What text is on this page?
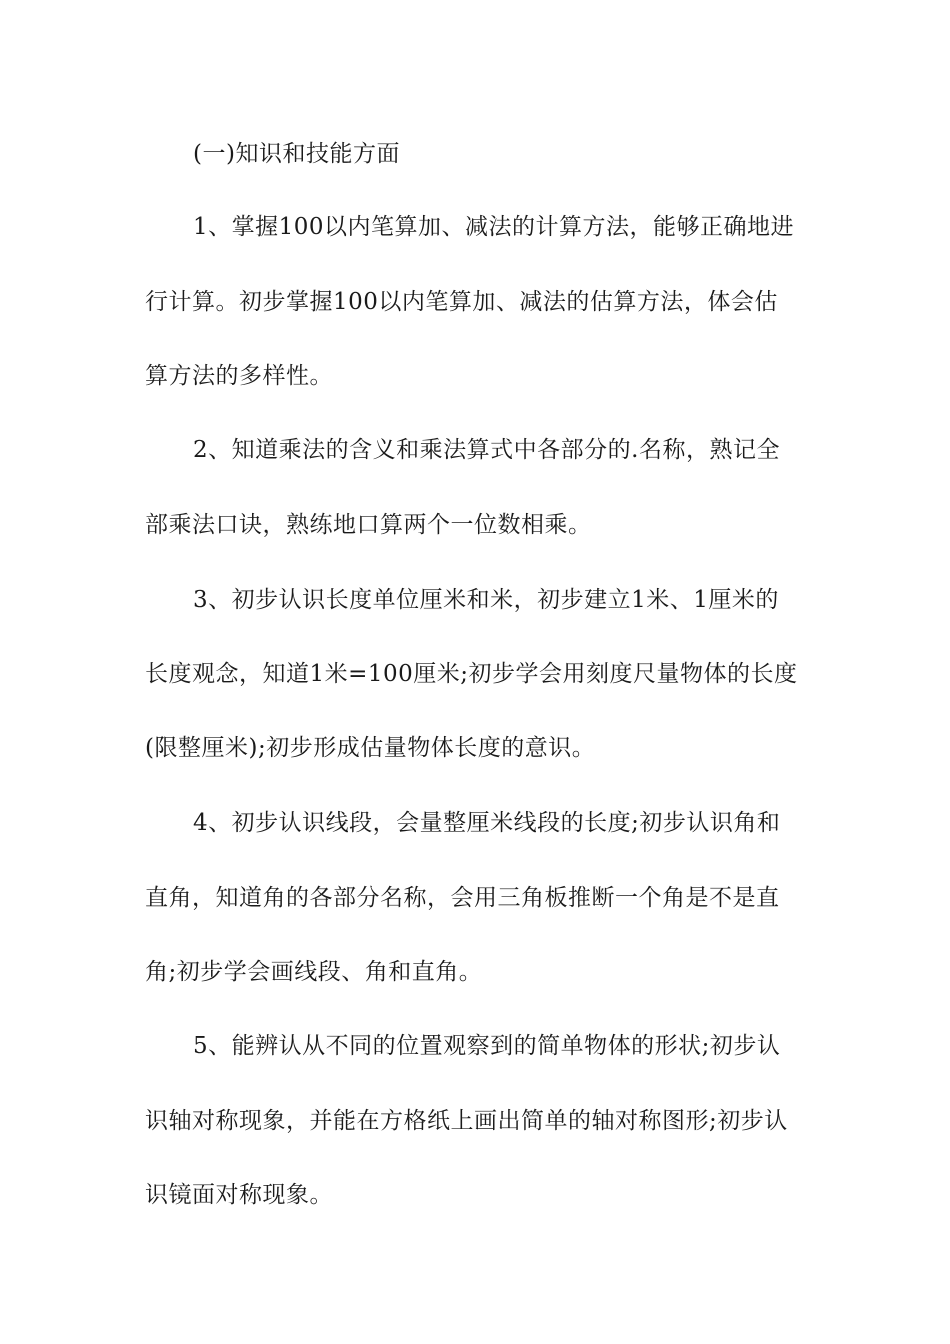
(一)知识和技能方面
1、掌握100以内笔算加、减法的计算方法，能够正确地进
行计算。初步掌握100以内笔算加、减法的估算方法，体会估
算方法的多样性。
2、知道乘法的含义和乘法算式中各部分的.名称，熟记全
部乘法口诀，熟练地口算两个一位数相乘。
3、初步认识长度单位厘米和米，初步建立1米、1厘米的
长度观念，知道1米=100厘米;初步学会用刻度尺量物体的长度
(限整厘米);初步形成估量物体长度的意识。
4、初步认识线段，会量整厘米线段的长度;初步认识角和
直角，知道角的各部分名称，会用三角板推断一个角是不是直
角;初步学会画线段、角和直角。
5、能辨认从不同的位置观察到的简单物体的形状;初步认
识轴对称现象，并能在方格纸上画出简单的轴对称图形;初步认
识镜面对称现象。
